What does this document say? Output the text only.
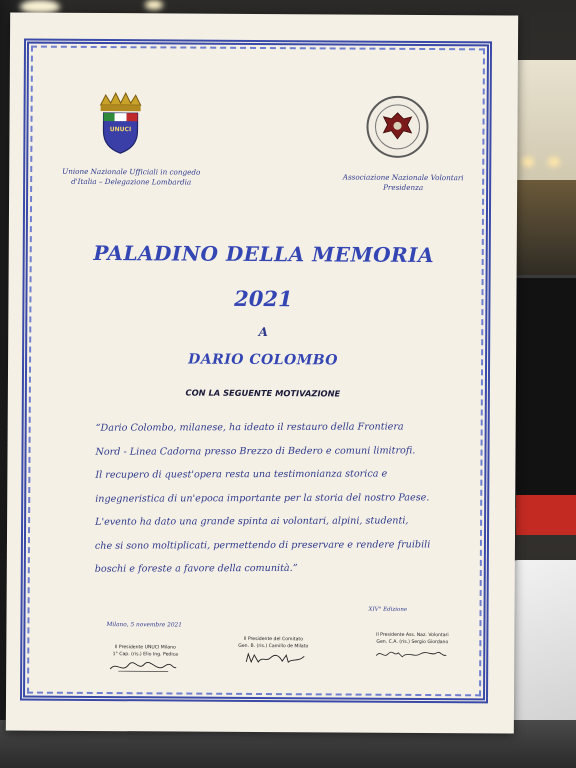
UNUCI
Unione Nazionale Ufficiali in congedo
d'Italia – Delegazione Lombardia	Associazione Nazionale Volontari
Presidenza
PALADINO DELLA MEMORIA
2021
A
DARIO COLOMBO
CON LA SEGUENTE MOTIVAZIONE
“Dario Colombo, milanese, ha ideato il restauro della Frontiera
Nord - Linea Cadorna presso Brezzo di Bedero e comuni limitrofi.
Il recupero di quest'opera resta una testimonianza storica e
ingegneristica di un'epoca importante per la storia del nostro Paese.
L'evento ha dato una grande spinta ai volontari, alpini, studenti,
che si sono moltiplicati, permettendo di preservare e rendere fruibili
boschi e foreste a favore della comunità.”
XIV° Edizione
Milano, 5 novembre 2021
Il Presidente UNUCI Milano
1° Cap. (ris.) Elio Ing. Pedica
Il Presidente del Comitato
Gen. B. (ris.) Camillo de Milato
Il Presidente Ass. Naz. Volontari
Gen. C.A. (ris.) Sergio Giordano
